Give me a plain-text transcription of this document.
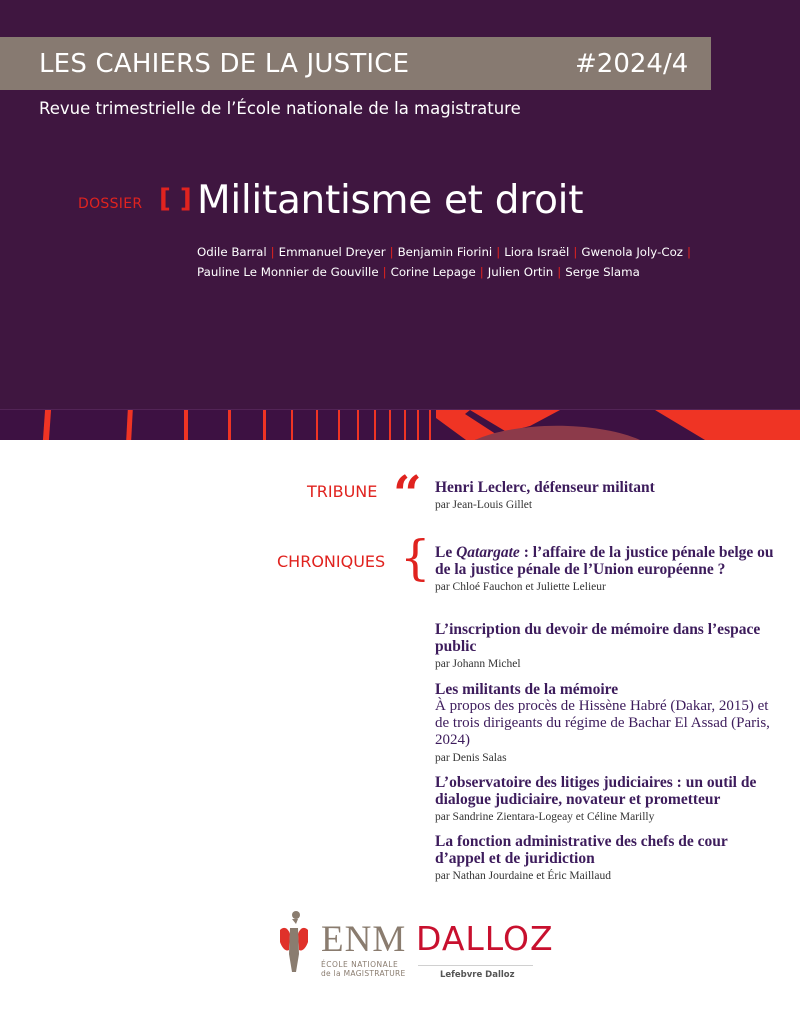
LES CAHIERS DE LA JUSTICE	#2024/4
Revue trimestrielle de l’École nationale de la magistrature
DOSSIER [ ] Militantisme et droit
Odile Barral | Emmanuel Dreyer | Benjamin Fiorini | Liora Israël | Gwenola Joly-Coz |
Pauline Le Monnier de Gouville | Corine Lepage | Julien Ortin | Serge Slama
TRIBUNE “ Henri Leclerc, défenseur militant
par Jean-Louis Gillet
CHRONIQUES { Le Qatargate : l’affaire de la justice pénale belge ou de la justice pénale de l’Union européenne ?
par Chloé Fauchon et Juliette Lelieur
L’inscription du devoir de mémoire dans l’espace public
par Johann Michel
Les militants de la mémoire
À propos des procès de Hissène Habré (Dakar, 2015) et de trois dirigeants du régime de Bachar El Assad (Paris, 2024)
par Denis Salas
L’observatoire des litiges judiciaires : un outil de dialogue judiciaire, novateur et prometteur
par Sandrine Zientara-Logeay et Céline Marilly
La fonction administrative des chefs de cour d’appel et de juridiction
par Nathan Jourdaine et Éric Maillaud
ENM
ÉCOLE NATIONALE
de la MAGISTRATURE
DALLOZ
Lefebvre Dalloz
